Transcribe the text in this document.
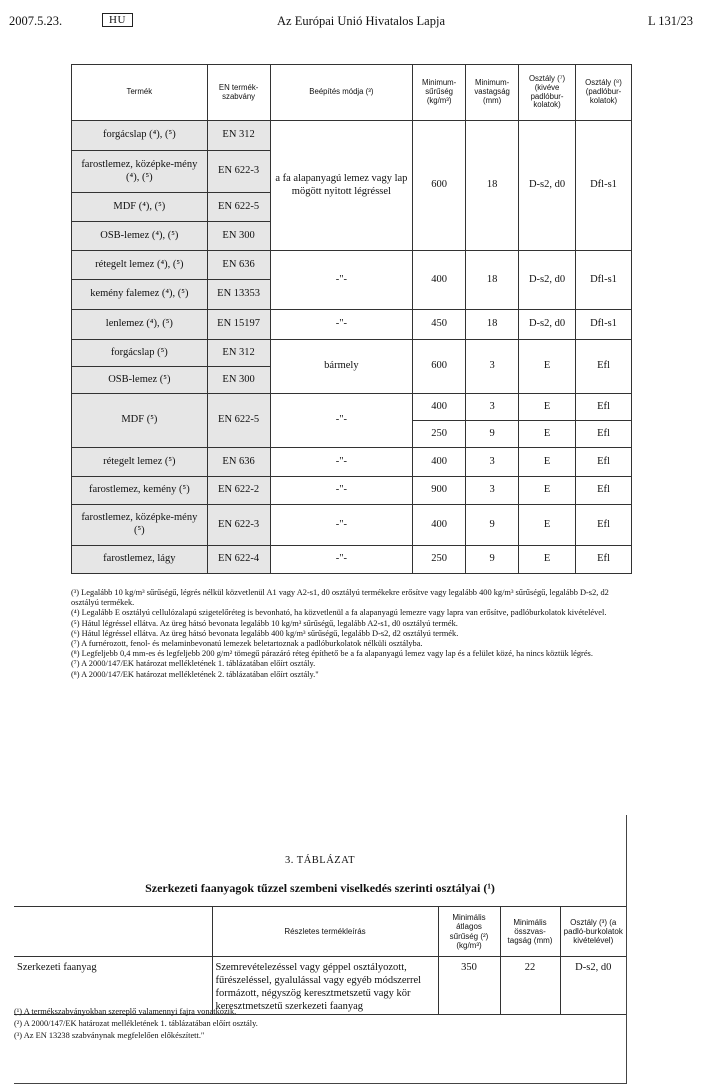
2007.5.23.	HU	Az Európai Unió Hivatalos Lapja	L 131/23
Termék	EN termék-szabvány	Beépítés módja (³)	Minimum-sűrűség (kg/m³)	Minimum-vastagság (mm)	Osztály (⁷) (kivéve padlóbur-kolatok)	Osztály (⁸) (padlóbur-kolatok)
forgácslap (⁴), (⁵)	EN 312	a fa alapanyagú lemez vagy lap mögött nyitott légréssel	600	18	D-s2, d0	Dfl-s1
farostlemez, középke-mény (⁴), (⁵)	EN 622-3					
MDF (⁴), (⁵)	EN 622-5					
OSB-lemez (⁴), (⁵)	EN 300					
rétegelt lemez (⁴), (⁵)	EN 636	-"-	400	18	D-s2, d0	Dfl-s1
kemény falemez (⁴), (⁵)	EN 13353					
lenlemez (⁴), (⁵)	EN 15197	-"-	450	18	D-s2, d0	Dfl-s1
forgácslap (⁵)	EN 312	bármely	600	3	E	Efl
OSB-lemez (⁵)	EN 300					
MDF (⁵)	EN 622-5	-"-	400	3	E	Efl
			250	9	E	Efl
rétegelt lemez (⁵)	EN 636	-"-	400	3	E	Efl
farostlemez, kemény (⁵)	EN 622-2	-"-	900	3	E	Efl
farostlemez, középke-mény (⁵)	EN 622-3	-"-	400	9	E	Efl
farostlemez, lágy	EN 622-4	-"-	250	9	E	Efl
(³) Legalább 10 kg/m³ sűrűségű, légrés nélkül közvetlenül A1 vagy A2-s1, d0 osztályú termékekre erősítve vagy legalább 400 kg/m³ sűrűségű, legalább D-s2, d2 osztályú termékek.
(⁴) Legalább E osztályú cellulózalapú szigetelőréteg is bevonható, ha közvetlenül a fa alapanyagú lemezre vagy lapra van erősítve, padlóburkolatok kivételével.
(⁵) Hátul légréssel ellátva. Az üreg hátsó bevonata legalább 10 kg/m³ sűrűségű, legalább A2-s1, d0 osztályú termék.
(⁶) Hátul légréssel ellátva. Az üreg hátsó bevonata legalább 400 kg/m³ sűrűségű, legalább D-s2, d2 osztályú termék.
(⁷) A furnérozott, fenol- és melaminbevonatú lemezek beletartoznak a padlóburkolatok nélküli osztályba.
(⁸) Legfeljebb 0,4 mm-es és legfeljebb 200 g/m² tömegű párazáró réteg építhető be a fa alapanyagú lemez vagy lap és a felület közé, ha nincs köztük légrés.
(⁷) A 2000/147/EK határozat mellékletének 1. táblázatában előírt osztály.
(⁸) A 2000/147/EK határozat mellékletének 2. táblázatában előírt osztály."
3. TÁBLÁZAT
Szerkezeti faanyagok tűzzel szembeni viselkedés szerinti osztályai (¹)
	Részletes termékleírás	Minimális átlagos sűrűség (²) (kg/m³)	Minimális összvas-tagság (mm)	Osztály (³) (a padló-burkolatok kivételével)
Szerkezeti faanyag	Szemrevételezéssel vagy géppel osztályozott, fűrészeléssel, gyalulással vagy egyéb módszerrel formázott, négyszög keresztmetszetű vagy kör keresztmetszetű szerkezeti faanyag	350	22	D-s2, d0
(¹) A termékszabványokban szereplő valamennyi fajra vonatkozik.
(²) A 2000/147/EK határozat mellékletének 1. táblázatában előírt osztály.
(³) Az EN 13238 szabványnak megfelelően előkészített."
